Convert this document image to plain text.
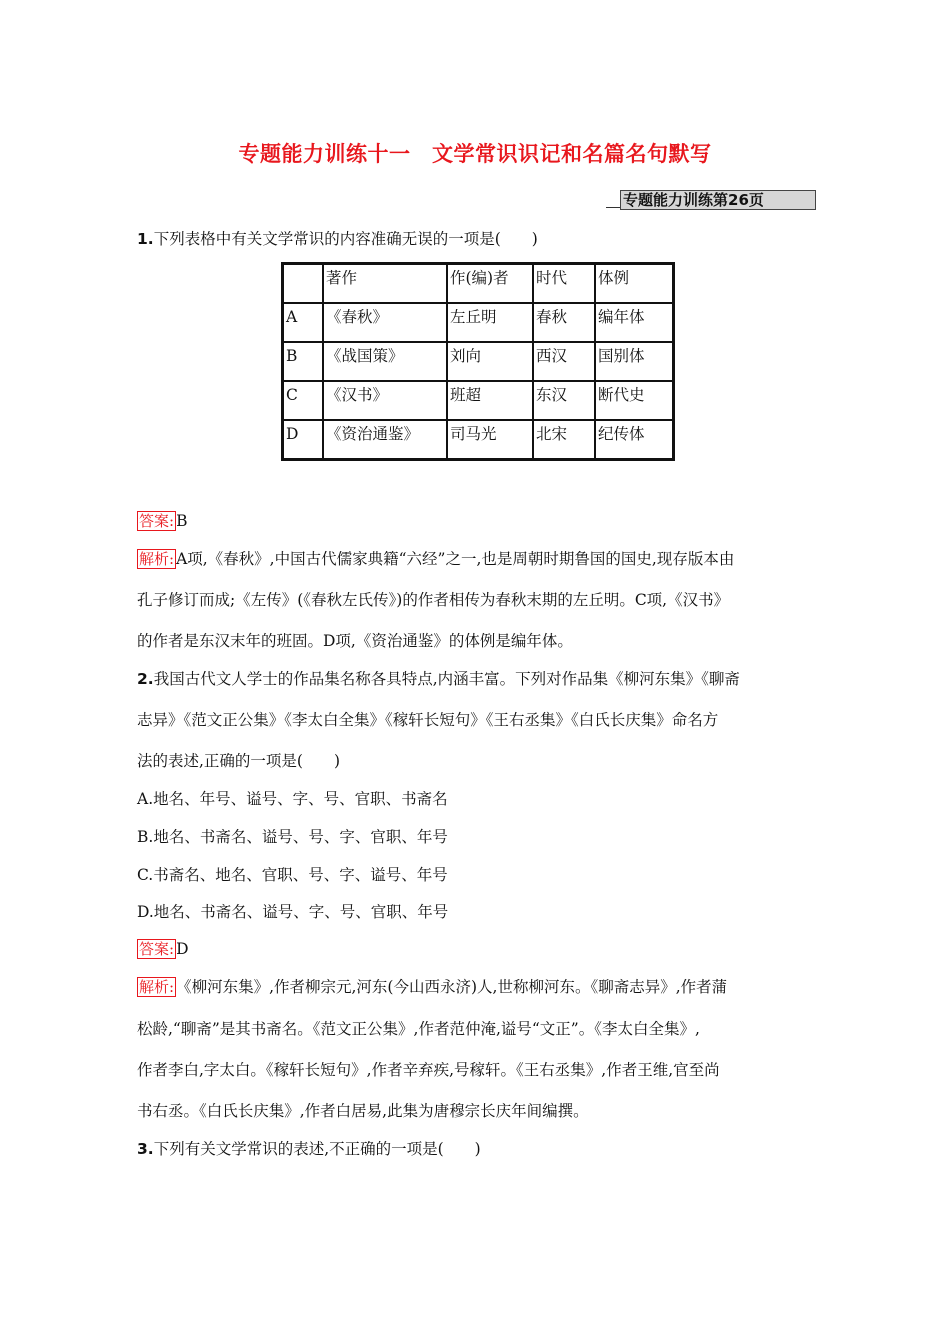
专题能力训练十一　文学常识识记和名篇名句默写
专题能力训练第26页
1.下列表格中有关文学常识的内容准确无误的一项是(　　)
	著作	作(编)者	时代	体例
A	《春秋》	左丘明	春秋	编年体
B	《战国策》	刘向	西汉	国别体
C	《汉书》	班超	东汉	断代史
D	《资治通鉴》	司马光	北宋	纪传体
答案: B
解析: A项,《春秋》,中国古代儒家典籍“六经”之一,也是周朝时期鲁国的国史,现存版本由
孔子修订而成;《左传》(《春秋左氏传》)的作者相传为春秋末期的左丘明。C项,《汉书》
的作者是东汉末年的班固。D项,《资治通鉴》的体例是编年体。
2.我国古代文人学士的作品集名称各具特点,内涵丰富。下列对作品集《柳河东集》《聊斋
志异》《范文正公集》《李太白全集》《稼轩长短句》《王右丞集》《白氏长庆集》命名方
法的表述,正确的一项是(　　)
A.地名、年号、谥号、字、号、官职、书斋名
B.地名、书斋名、谥号、号、字、官职、年号
C.书斋名、地名、官职、号、字、谥号、年号
D.地名、书斋名、谥号、字、号、官职、年号
答案: D
解析: 《柳河东集》,作者柳宗元,河东(今山西永济)人,世称柳河东。《聊斋志异》,作者蒲
松龄,“聊斋”是其书斋名。《范文正公集》,作者范仲淹,谥号“文正”。《李太白全集》,
作者李白,字太白。《稼轩长短句》,作者辛弃疾,号稼轩。《王右丞集》,作者王维,官至尚
书右丞。《白氏长庆集》,作者白居易,此集为唐穆宗长庆年间编撰。
3.下列有关文学常识的表述,不正确的一项是(　　)
